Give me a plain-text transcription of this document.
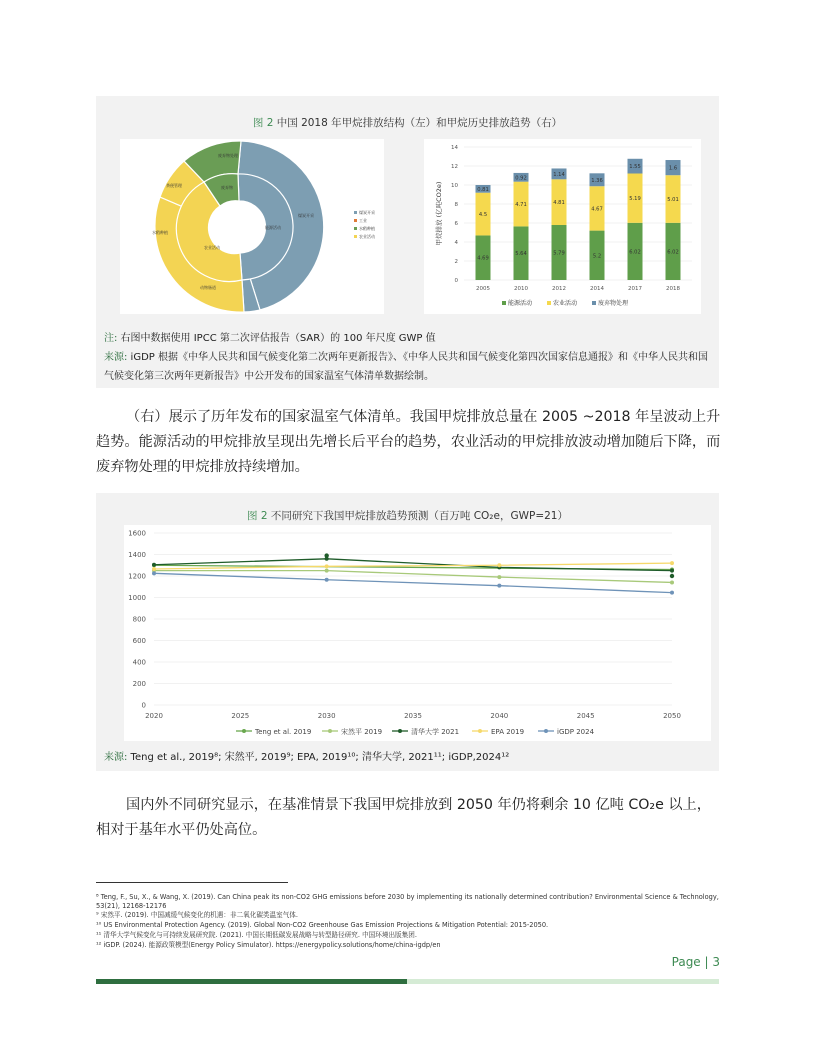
图 2 中国 2018 年甲烷排放结构（左）和甲烷历史排放趋势（右）
废弃物
能源活动
农业活动
废弃物处理
煤炭开采
水稻种植
动物肠道
粪便管理
煤炭开采
工业
水稻种植
农业活动
0
2
4
6
8
10
12
14
甲烷排放 (亿吨CO2e)
4.69
4.5
0.81
2005
5.64
4.71
0.92
2010
5.79
4.81
1.14
2012
5.2
4.67
1.36
2014
6.02
5.19
1.55
2017
6.02
5.01
1.6
2018
能源活动	农业活动	废弃物处理
注: 右图中数据使用 IPCC 第二次评估报告（SAR）的 100 年尺度 GWP 值
来源: iGDP 根据《中华人民共和国气候变化第二次两年更新报告》、《中华人民共和国气候变化第四次国家信息通报》和《中华人民共和国气候变化第三次两年更新报告》中公开发布的国家温室气体清单数据绘制。
（右）展示了历年发布的国家温室气体清单。我国甲烷排放总量在 2005 ~2018 年呈波动上升趋势。能源活动的甲烷排放呈现出先增长后平台的趋势，农业活动的甲烷排放波动增加随后下降，而废弃物处理的甲烷排放持续增加。
图 2 不同研究下我国甲烷排放趋势预测（百万吨 CO₂e，GWP=21）
0
200
400
600
800
1000
1200
1400
1600
2020	2025	2030	2035	2040	2045	2050
Teng et al. 2019	宋然平 2019	清华大学 2021	EPA 2019	iGDP 2024
来源: Teng et al., 2019⁸; 宋然平, 2019⁹; EPA, 2019¹⁰; 清华大学, 2021¹¹; iGDP,2024¹²
国内外不同研究显示，在基准情景下我国甲烷排放到 2050 年仍将剩余 10 亿吨 CO₂e 以上，相对于基年水平仍处高位。
⁸ Teng, F., Su, X., & Wang, X. (2019). Can China peak its non-CO2 GHG emissions before 2030 by implementing its nationally determined contribution? Environmental Science & Technology, 53(21), 12168-12176
⁹ 宋然平. (2019). 中国减缓气候变化的机遇：非二氧化碳类温室气体.
¹⁰ US Environmental Protection Agency. (2019). Global Non-CO2 Greenhouse Gas Emission Projections & Mitigation Potential: 2015-2050.
¹¹ 清华大学气候变化与可持续发展研究院. (2021). 中国长期低碳发展战略与转型路径研究. 中国环境出版集团.
¹² iGDP. (2024). 能源政策模型(Energy Policy Simulator). https://energypolicy.solutions/home/china-igdp/en
Page | 3
